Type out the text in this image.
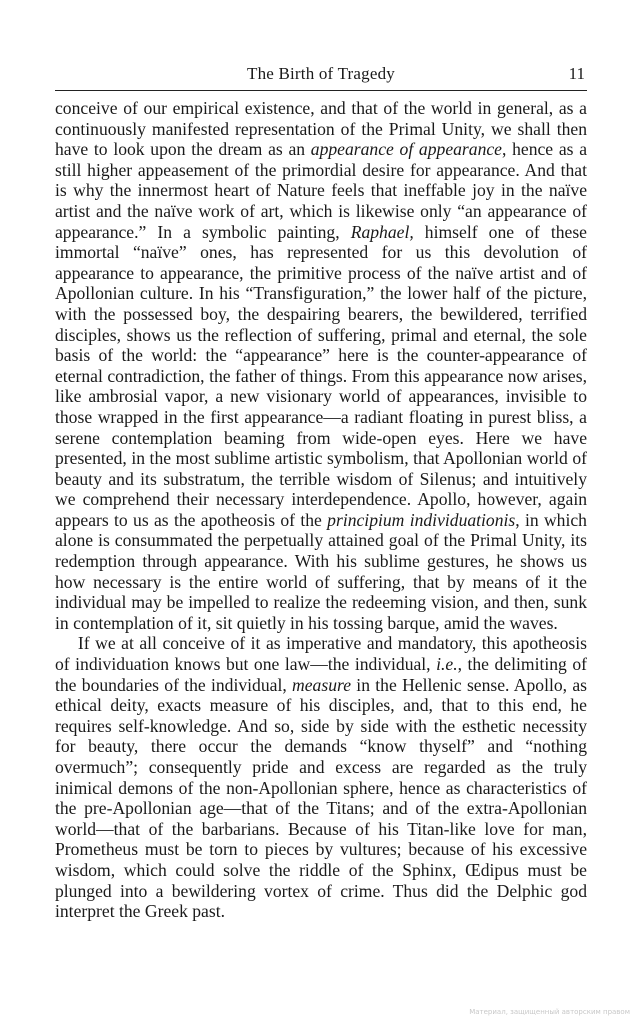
The Birth of Tragedy	11

conceive of our empirical existence, and that of the world in general, as a continuously manifested representation of the Primal Unity, we shall then have to look upon the dream as an appearance of appearance, hence as a still higher appeasement of the primordial desire for appearance. And that is why the innermost heart of Nature feels that ineffable joy in the naïve artist and the naïve work of art, which is likewise only “an appearance of appearance.” In a symbolic painting, Raphael, himself one of these immortal “naïve” ones, has represented for us this devolution of appearance to appearance, the primitive process of the naïve artist and of Apollonian culture. In his “Transfiguration,” the lower half of the picture, with the possessed boy, the despairing bearers, the bewildered, terrified disciples, shows us the reflection of suffering, primal and eternal, the sole basis of the world: the “appearance” here is the counter-appearance of eternal contradiction, the father of things. From this appearance now arises, like ambrosial vapor, a new visionary world of appearances, invisible to those wrapped in the first appearance—a radiant floating in purest bliss, a serene contemplation beaming from wide-open eyes. Here we have presented, in the most sublime artistic symbolism, that Apollonian world of beauty and its substratum, the terrible wisdom of Silenus; and intuitively we comprehend their necessary interdependence. Apollo, however, again appears to us as the apotheosis of the principium individuationis, in which alone is consummated the perpetually attained goal of the Primal Unity, its redemption through appearance. With his sublime gestures, he shows us how necessary is the entire world of suffering, that by means of it the individual may be impelled to realize the redeeming vision, and then, sunk in contemplation of it, sit quietly in his tossing barque, amid the waves.

If we at all conceive of it as imperative and mandatory, this apotheosis of individuation knows but one law—the individual, i.e., the delimiting of the boundaries of the individual, measure in the Hellenic sense. Apollo, as ethical deity, exacts measure of his disciples, and, that to this end, he requires self-knowledge. And so, side by side with the esthetic necessity for beauty, there occur the demands “know thyself” and “nothing overmuch”; consequently pride and excess are regarded as the truly inimical demons of the non-Apollonian sphere, hence as characteristics of the pre-Apollonian age—that of the Titans; and of the extra-Apollonian world—that of the barbarians. Because of his Titan-like love for man, Prometheus must be torn to pieces by vultures; because of his excessive wisdom, which could solve the riddle of the Sphinx, Œdipus must be plunged into a bewildering vortex of crime. Thus did the Delphic god interpret the Greek past.

Материал, защищенный авторским правом
